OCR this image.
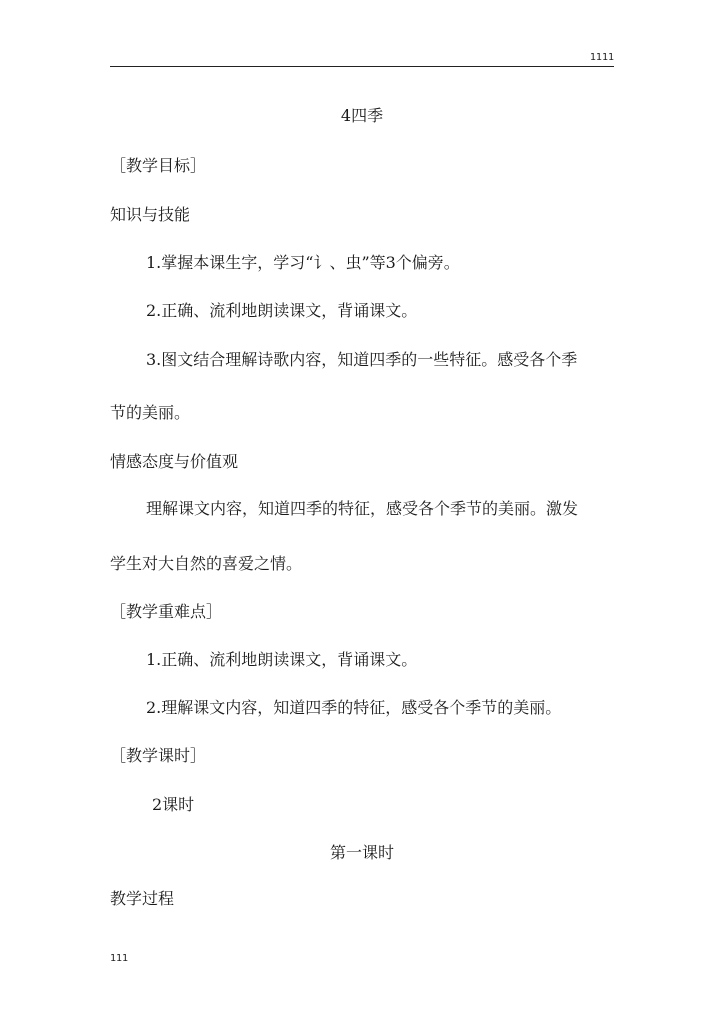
1111
4四季
［教学目标］
知识与技能
1.掌握本课生字，学习“讠、虫”等3个偏旁。
2.正确、流利地朗读课文，背诵课文。
3.图文结合理解诗歌内容，知道四季的一些特征。感受各个季
节的美丽。
情感态度与价值观
理解课文内容，知道四季的特征，感受各个季节的美丽。激发
学生对大自然的喜爱之情。
［教学重难点］
1.正确、流利地朗读课文，背诵课文。
2.理解课文内容，知道四季的特征，感受各个季节的美丽。
［教学课时］
2课时
第一课时
教学过程
111
